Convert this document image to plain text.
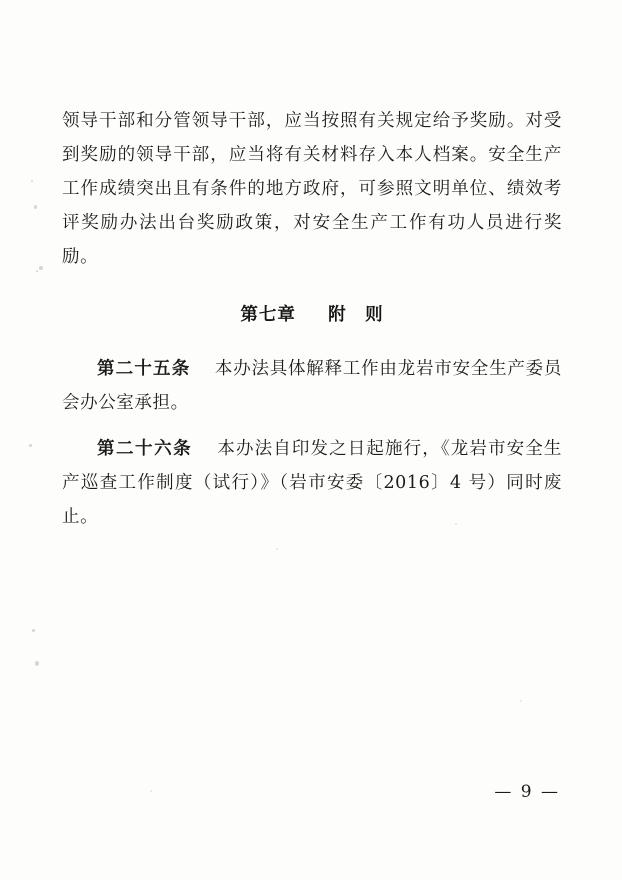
领导干部和分管领导干部，应当按照有关规定给予奖励。对受到奖励的领导干部，应当将有关材料存入本人档案。安全生产工作成绩突出且有条件的地方政府，可参照文明单位、绩效考评奖励办法出台奖励政策，对安全生产工作有功人员进行奖励。

第七章 附　则

第二十五条 本办法具体解释工作由龙岩市安全生产委员会办公室承担。

第二十六条 本办法自印发之日起施行，《龙岩市安全生产巡查工作制度（试行）》（岩市安委〔2016〕4 号）同时废止。

— 9 —
